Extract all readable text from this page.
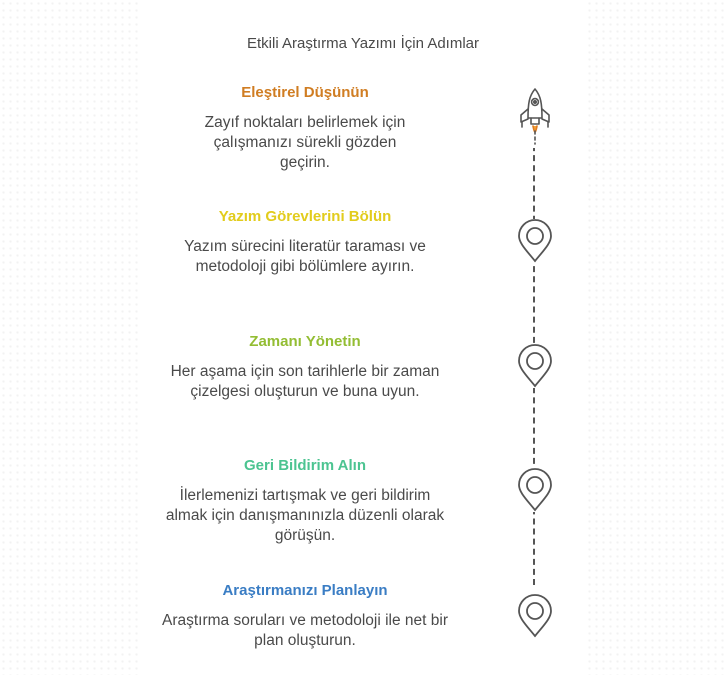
Etkili Araştırma Yazımı İçin Adımlar
Eleştirel Düşünün
Zayıf noktaları belirlemek için çalışmanızı sürekli gözden geçirin.
Yazım Görevlerini Bölün
Yazım sürecini literatür taraması ve metodoloji gibi bölümlere ayırın.
Zamanı Yönetin
Her aşama için son tarihlerle bir zaman çizelgesi oluşturun ve buna uyun.
Geri Bildirim Alın
İlerlemenizi tartışmak ve geri bildirim almak için danışmanınızla düzenli olarak görüşün.
Araştırmanızı Planlayın
Araştırma soruları ve metodoloji ile net bir plan oluşturun.
